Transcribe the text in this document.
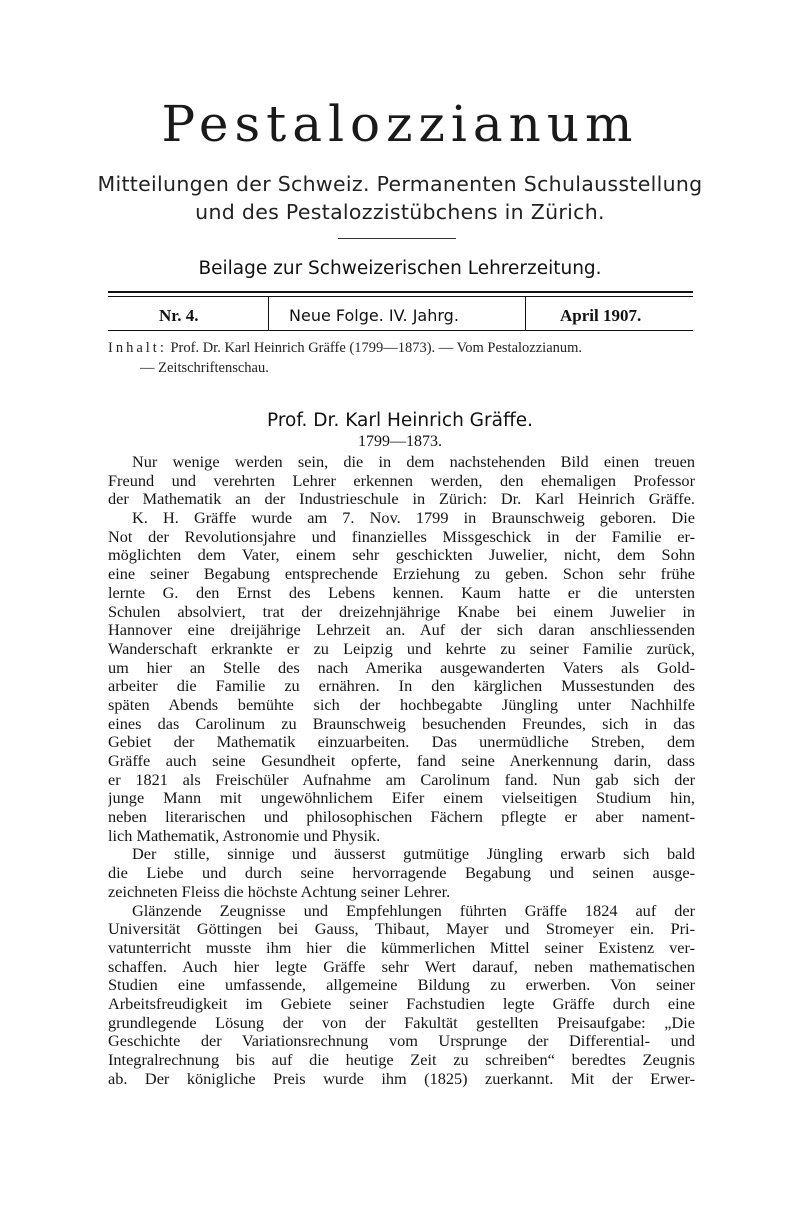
Pestalozzianum
Mitteilungen der Schweiz. Permanenten Schulausstellung
und des Pestalozzistübchens in Zürich.
Beilage zur Schweizerischen Lehrerzeitung.
Nr. 4.	Neue Folge. IV. Jahrg.	April 1907.
Inhalt: Prof. Dr. Karl Heinrich Gräffe (1799—1873). — Vom Pestalozzianum.
— Zeitschriftenschau.
Prof. Dr. Karl Heinrich Gräffe.
1799—1873.
Nur wenige werden sein, die in dem nachstehenden Bild einen treuen
Freund und verehrten Lehrer erkennen werden, den ehemaligen Professor
der Mathematik an der Industrieschule in Zürich: Dr. Karl Heinrich Gräffe.
K. H. Gräffe wurde am 7. Nov. 1799 in Braunschweig geboren. Die
Not der Revolutionsjahre und finanzielles Missgeschick in der Familie er-
möglichten dem Vater, einem sehr geschickten Juwelier, nicht, dem Sohn
eine seiner Begabung entsprechende Erziehung zu geben. Schon sehr frühe
lernte G. den Ernst des Lebens kennen. Kaum hatte er die untersten
Schulen absolviert, trat der dreizehnjährige Knabe bei einem Juwelier in
Hannover eine dreijährige Lehrzeit an. Auf der sich daran anschliessenden
Wanderschaft erkrankte er zu Leipzig und kehrte zu seiner Familie zurück,
um hier an Stelle des nach Amerika ausgewanderten Vaters als Gold-
arbeiter die Familie zu ernähren. In den kärglichen Mussestunden des
späten Abends bemühte sich der hochbegabte Jüngling unter Nachhilfe
eines das Carolinum zu Braunschweig besuchenden Freundes, sich in das
Gebiet der Mathematik einzuarbeiten. Das unermüdliche Streben, dem
Gräffe auch seine Gesundheit opferte, fand seine Anerkennung darin, dass
er 1821 als Freischüler Aufnahme am Carolinum fand. Nun gab sich der
junge Mann mit ungewöhnlichem Eifer einem vielseitigen Studium hin,
neben literarischen und philosophischen Fächern pflegte er aber nament-
lich Mathematik, Astronomie und Physik.
Der stille, sinnige und äusserst gutmütige Jüngling erwarb sich bald
die Liebe und durch seine hervorragende Begabung und seinen ausge-
zeichneten Fleiss die höchste Achtung seiner Lehrer.
Glänzende Zeugnisse und Empfehlungen führten Gräffe 1824 auf der
Universität Göttingen bei Gauss, Thibaut, Mayer und Stromeyer ein. Pri-
vatunterricht musste ihm hier die kümmerlichen Mittel seiner Existenz ver-
schaffen. Auch hier legte Gräffe sehr Wert darauf, neben mathematischen
Studien eine umfassende, allgemeine Bildung zu erwerben. Von seiner
Arbeitsfreudigkeit im Gebiete seiner Fachstudien legte Gräffe durch eine
grundlegende Lösung der von der Fakultät gestellten Preisaufgabe: „Die
Geschichte der Variationsrechnung vom Ursprunge der Differential- und
Integralrechnung bis auf die heutige Zeit zu schreiben“ beredtes Zeugnis
ab. Der königliche Preis wurde ihm (1825) zuerkannt. Mit der Erwer-
